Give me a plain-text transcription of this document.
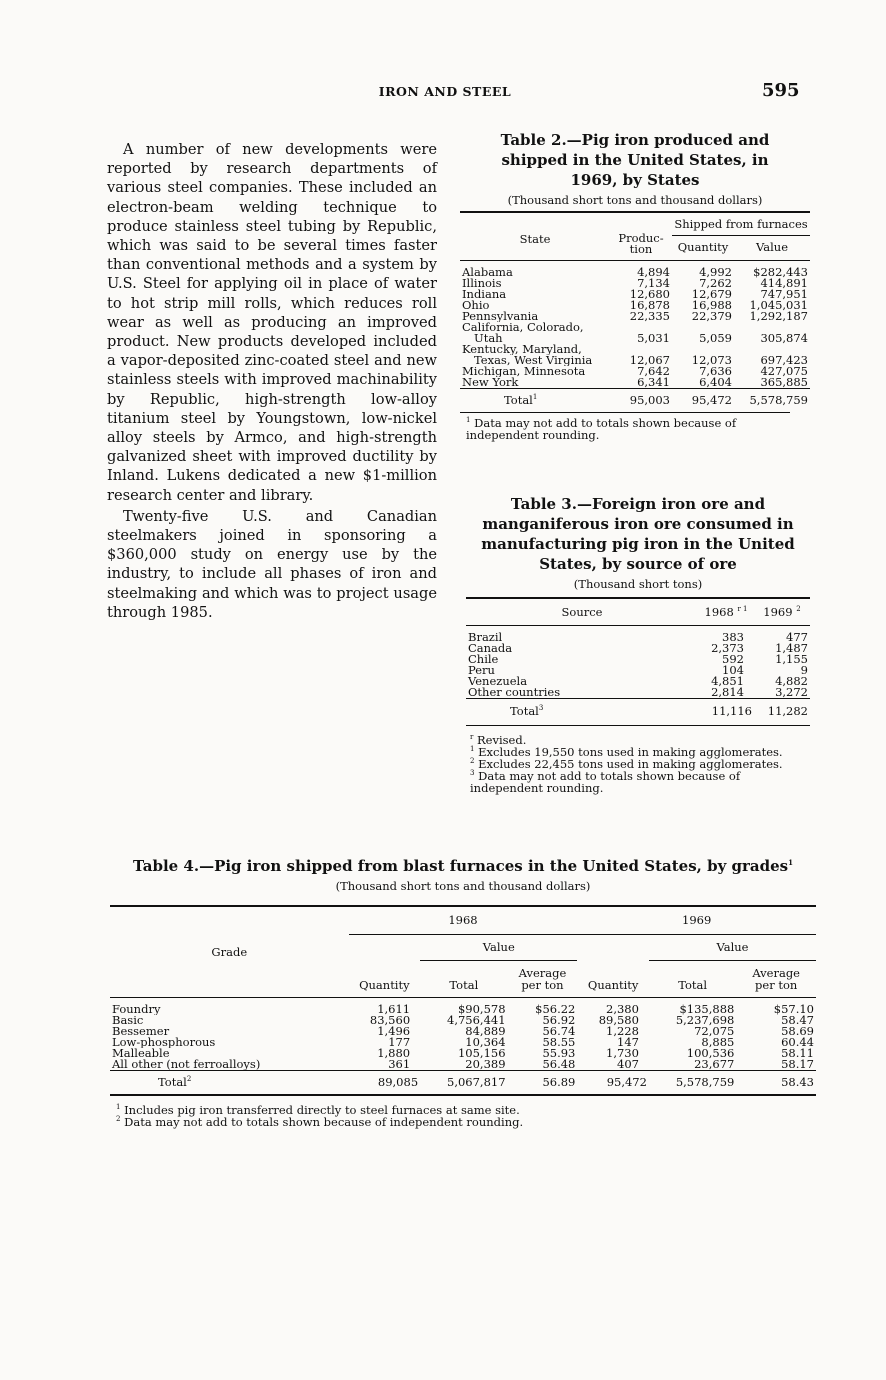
IRON AND STEEL	595

A number of new developments were reported by research departments of various steel companies. These included an electron-beam welding technique to produce stainless steel tubing by Republic, which was said to be several times faster than conventional methods and a system by U.S. Steel for applying oil in place of water to hot strip mill rolls, which reduces roll wear as well as producing an improved product. New products developed included a vapor-deposited zinc-coated steel and new stainless steels with improved machinability by Republic, high-strength low-alloy titanium steel by Youngstown, low-nickel alloy steels by Armco, and high-strength galvanized sheet with improved ductility by Inland. Lukens dedicated a new $1-million research center and library.

Twenty-five U.S. and Canadian steelmakers joined in sponsoring a $360,000 study on energy use by the industry, to include all phases of iron and steelmaking and which was to project usage through 1985.

Table 2.—Pig iron produced and shipped in the United States, in 1969, by States
(Thousand short tons and thousand dollars)
State	Produc-tion	Shipped from furnaces	
		Quantity	Value
Alabama______________	4,894	4,992	$282,443
Illinois______________	7,134	7,262	414,891
Indiana______________	12,680	12,679	747,951
Ohio________________	16,878	16,988	1,045,031
Pennsylvania_________	22,335	22,379	1,292,187
California, Colorado,			
Utah____________	5,031	5,059	305,874
Kentucky, Maryland,			
Texas, West Virginia	12,067	12,073	697,423
Michigan, Minnesota__	7,642	7,636	427,075
New York___________	6,341	6,404	365,885
Total$^1$_________	95,003	95,472	5,578,759
$^1$ Data may not add to totals shown because of independent rounding.
Table 3.—Foreign iron ore and manganiferous iron ore consumed in manufacturing pig iron in the United States, by source of ore
(Thousand short tons)
Source	1968 $^{r 1}$	1969 $^2$
Brazil_________________________	383	477
Canada________________________	2,373	1,487
Chile_________________________	592	1,155
Peru__________________________	104	9
Venezuela______________________	4,851	4,882
Other countries_________________	2,814	3,272
Total$^3$_________________	11,116	11,282
$^r$ Revised.
$^1$ Excludes 19,550 tons used in making agglomerates.
$^2$ Excludes 22,455 tons used in making agglomerates.
$^3$ Data may not add to totals shown because of independent rounding.
Table 4.—Pig iron shipped from blast furnaces in the United States, by grades$^1$
(Thousand short tons and thousand dollars)
Grade	1968			1969		
	Quantity	Value		Quantity	Value	
		Total	Average per ton		Total	Average per ton
Foundry_____________________________	1,611	$90,578	$56.22	2,380	$135,888	$57.10
Basic_______________________________	83,560	4,756,441	56.92	89,580	5,237,698	58.47
Bessemer____________________________	1,496	84,889	56.74	1,228	72,075	58.69
Low-phosphorous_____________________	177	10,364	58.55	147	8,885	60.44
Malleable___________________________	1,880	105,156	55.93	1,730	100,536	58.11
All other (not ferroalloys)_________	361	20,389	56.48	407	23,677	58.17
Total$^2$__________________	89,085	5,067,817	56.89	95,472	5,578,759	58.43
$^1$ Includes pig iron transferred directly to steel furnaces at same site.
$^2$ Data may not add to totals shown because of independent rounding.
